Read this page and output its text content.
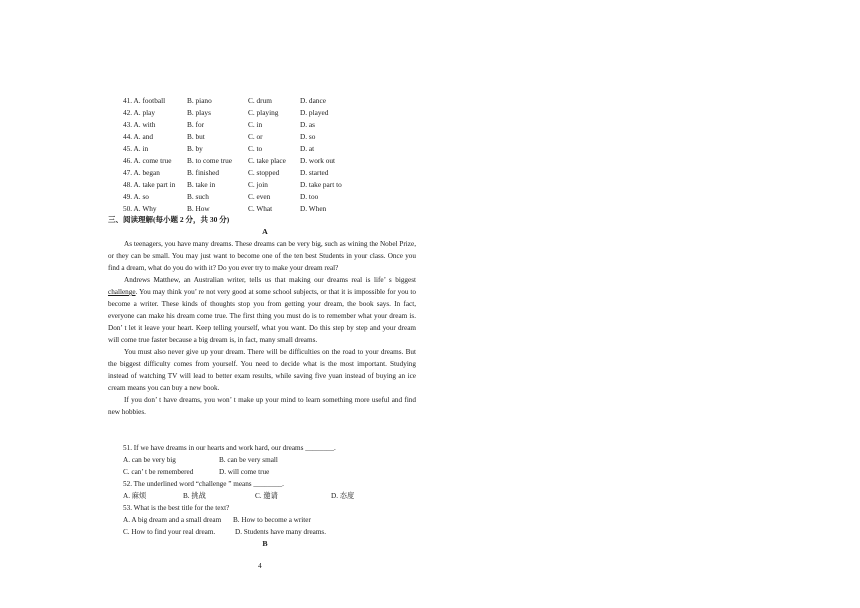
41. A. football	B. piano	C. drum	D. dance
42. A. play	B. plays	C. playing	D. played
43. A. with	B. for	C. in	D. as
44. A. and	B. but	C. or	D. so
45. A. in	B. by	C. to	D. at
46. A. come true B. to come true C. take place D. work out
47. A. began	B. finished	C. stopped	D. started
48. A. take part in B. take in	C. join	D. take part to
49. A. so	B. such	C. even	D. too
50. A. Why	B. How	C. What	D. When
三、阅读理解(每小题 2 分，共 30 分)
A

As teenagers, you have many dreams. These dreams can be very big, such as wining the Nobel Prize, or they can be small. You may just want to become one of the ten best Students in your class. Once you find a dream, what do you do with it? Do you ever try to make your dream real?

Andrews Matthew, an Australian writer, tells us that making our dreams real is life’ s biggest challenge. You may think you’ re not very good at some school subjects, or that it is impossible for you to become a writer. These kinds of thoughts stop you from getting your dream, the book says. In fact, everyone can make his dream come true. The first thing you must do is to remember what your dream is. Don’ t let it leave your heart. Keep telling yourself, what you want. Do this step by step and your dream will come true faster because a big dream is, in fact, many small dreams.

You must also never give up your dream. There will be difficulties on the road to your dreams. But the biggest difficulty comes from yourself. You need to decide what is the most important. Studying instead of watching TV will lead to better exam results, while saving five yuan instead of buying an ice cream means you can buy a new book.

If you don’ t have dreams, you won’ t make up your mind to learn something more useful and find new hobbies.

51. If we have dreams in our hearts and work hard, our dreams ________.
A. can be very big	B. can be very small
C. can’ t be remembered	D. will come true
52. The underlined word “challenge ” means ________.
A. 麻烦	B. 挑战	C. 邀请	D. 态度
53. What is the best title for the text?
A. A big dream and a small dream B. How to become a writer
C. How to find your real dream.	D. Students have many dreams.
B
4
